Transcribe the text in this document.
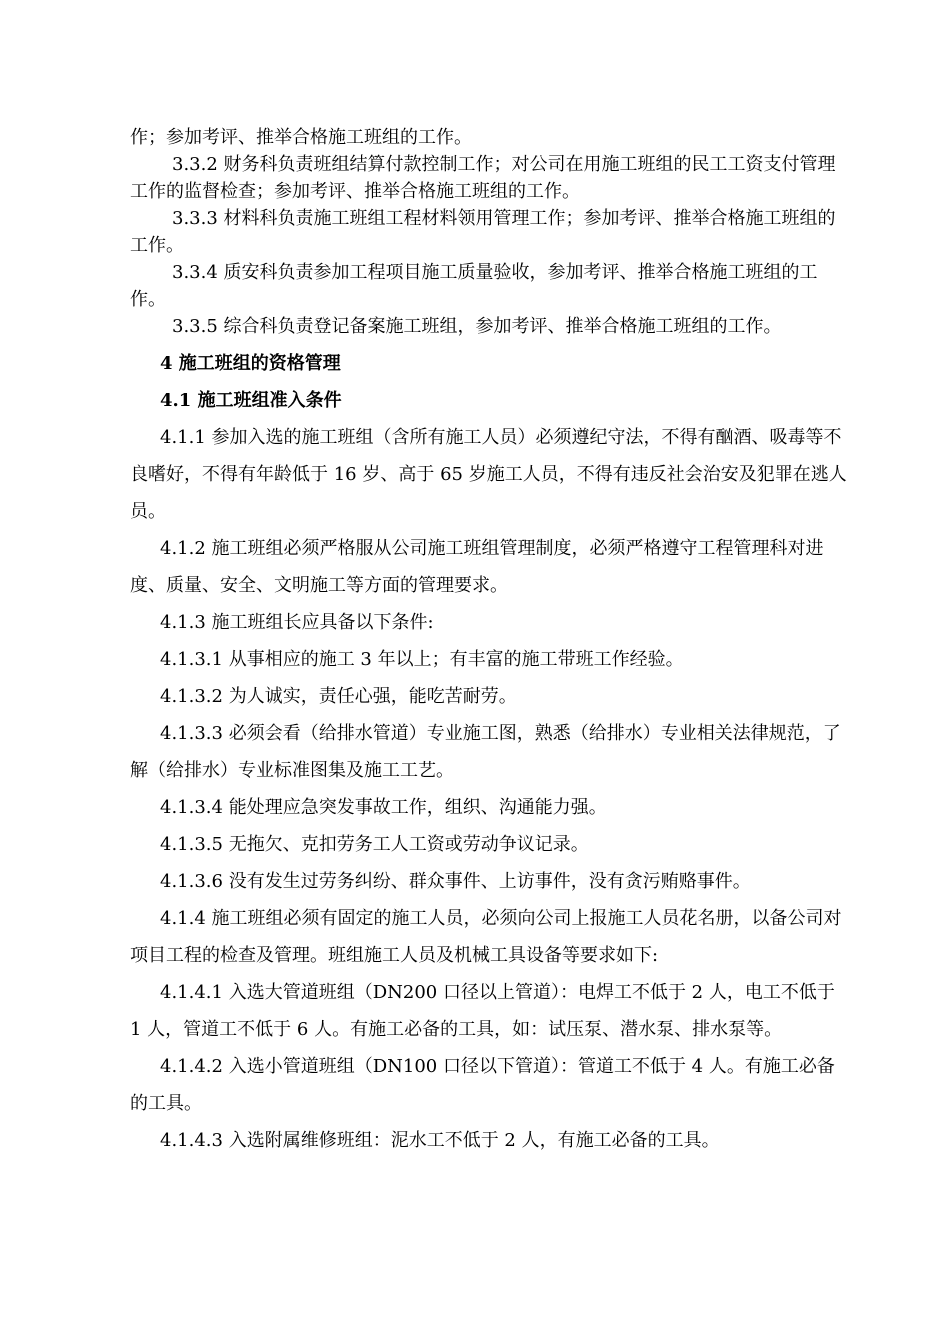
作；参加考评、推举合格施工班组的工作。

3.3.2 财务科负责班组结算付款控制工作；对公司在用施工班组的民工工资支付管理工作的监督检查；参加考评、推举合格施工班组的工作。

3.3.3 材料科负责施工班组工程材料领用管理工作；参加考评、推举合格施工班组的工作。

3.3.4 质安科负责参加工程项目施工质量验收，参加考评、推举合格施工班组的工作。

3.3.5 综合科负责登记备案施工班组，参加考评、推举合格施工班组的工作。

4 施工班组的资格管理

4.1 施工班组准入条件

4.1.1 参加入选的施工班组（含所有施工人员）必须遵纪守法，不得有酗酒、吸毒等不良嗜好，不得有年龄低于 16 岁、高于 65 岁施工人员，不得有违反社会治安及犯罪在逃人员。

4.1.2 施工班组必须严格服从公司施工班组管理制度，必须严格遵守工程管理科对进度、质量、安全、文明施工等方面的管理要求。

4.1.3 施工班组长应具备以下条件:

4.1.3.1 从事相应的施工 3 年以上；有丰富的施工带班工作经验。

4.1.3.2 为人诚实，责任心强，能吃苦耐劳。

4.1.3.3 必须会看（给排水管道）专业施工图，熟悉（给排水）专业相关法律规范，了解（给排水）专业标准图集及施工工艺。

4.1.3.4 能处理应急突发事故工作，组织、沟通能力强。

4.1.3.5 无拖欠、克扣劳务工人工资或劳动争议记录。

4.1.3.6 没有发生过劳务纠纷、群众事件、上访事件，没有贪污贿赂事件。

4.1.4 施工班组必须有固定的施工人员，必须向公司上报施工人员花名册，以备公司对项目工程的检查及管理。班组施工人员及机械工具设备等要求如下:

4.1.4.1 入选大管道班组（DN200 口径以上管道）：电焊工不低于 2 人，电工不低于 1 人，管道工不低于 6 人。有施工必备的工具，如：试压泵、潜水泵、排水泵等。

4.1.4.2 入选小管道班组（DN100 口径以下管道）：管道工不低于 4 人。有施工必备的工具。

4.1.4.3 入选附属维修班组：泥水工不低于 2 人，有施工必备的工具。
